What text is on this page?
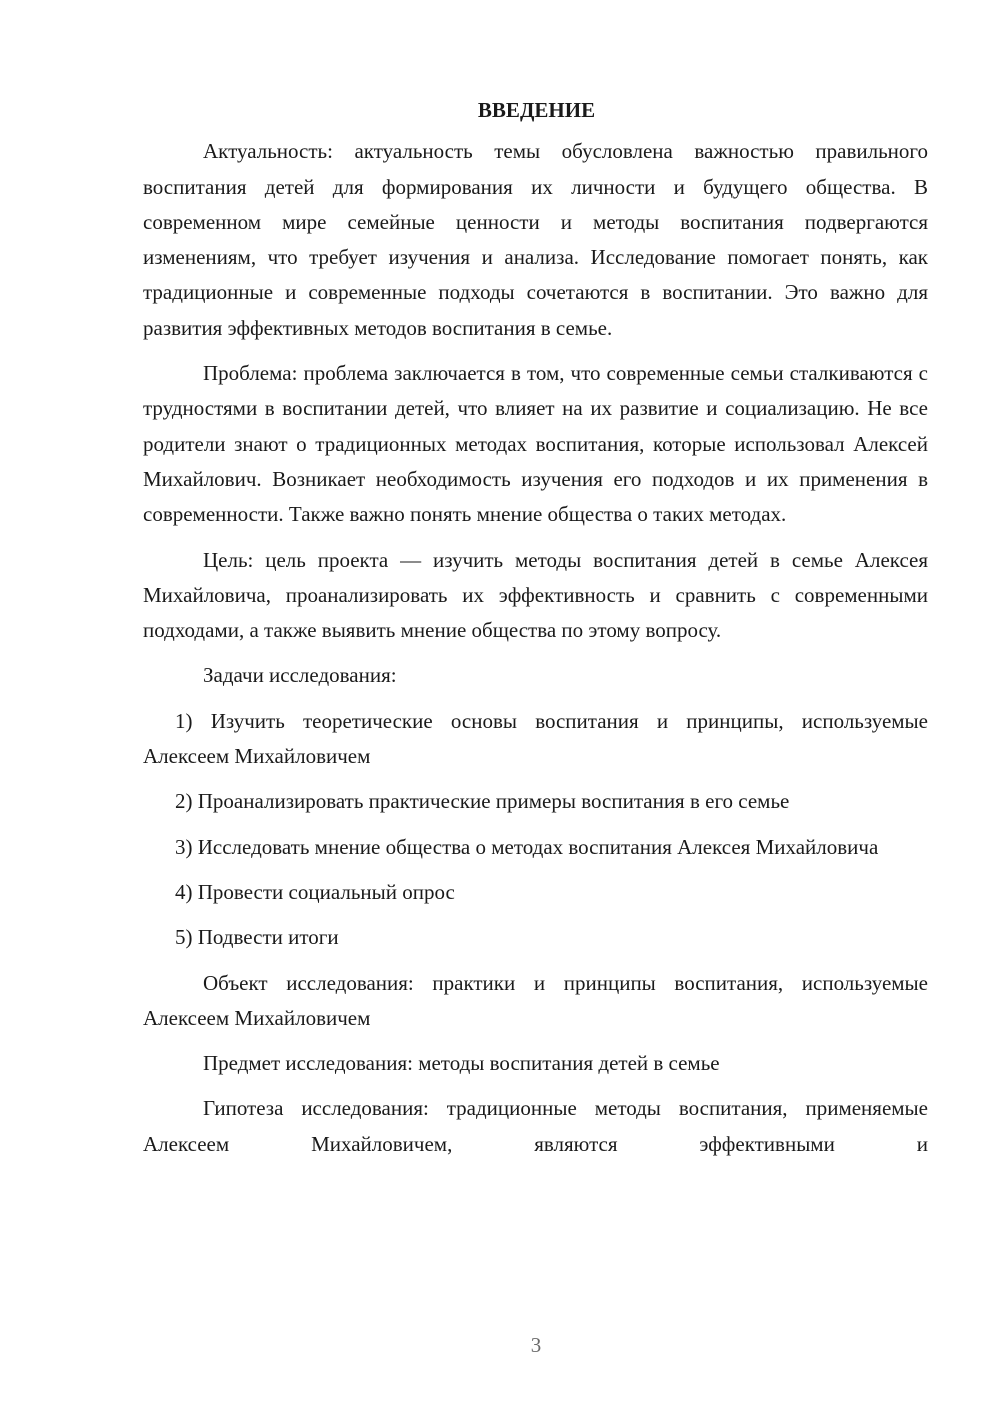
ВВЕДЕНИЕ

Актуальность: актуальность темы обусловлена важностью правильного воспитания детей для формирования их личности и будущего общества. В современном мире семейные ценности и методы воспитания подвергаются изменениям, что требует изучения и анализа. Исследование помогает понять, как традиционные и современные подходы сочетаются в воспитании. Это важно для развития эффективных методов воспитания в семье.

Проблема: проблема заключается в том, что современные семьи сталкиваются с трудностями в воспитании детей, что влияет на их развитие и социализацию. Не все родители знают о традиционных методах воспитания, которые использовал Алексей Михайлович. Возникает необходимость изучения его подходов и их применения в современности. Также важно понять мнение общества о таких методах.

Цель: цель проекта — изучить методы воспитания детей в семье Алексея Михайловича, проанализировать их эффективность и сравнить с современными подходами, а также выявить мнение общества по этому вопросу.

Задачи исследования:

1) Изучить теоретические основы воспитания и принципы, используемые Алексеем Михайловичем

2) Проанализировать практические примеры воспитания в его семье

3) Исследовать мнение общества о методах воспитания Алексея Михайловича

4) Провести социальный опрос

5) Подвести итоги

Объект исследования: практики и принципы воспитания, используемые Алексеем Михайловичем

Предмет исследования: методы воспитания детей в семье

Гипотеза исследования: традиционные методы воспитания, применяемые Алексеем Михайловичем, являются эффективными и

3
